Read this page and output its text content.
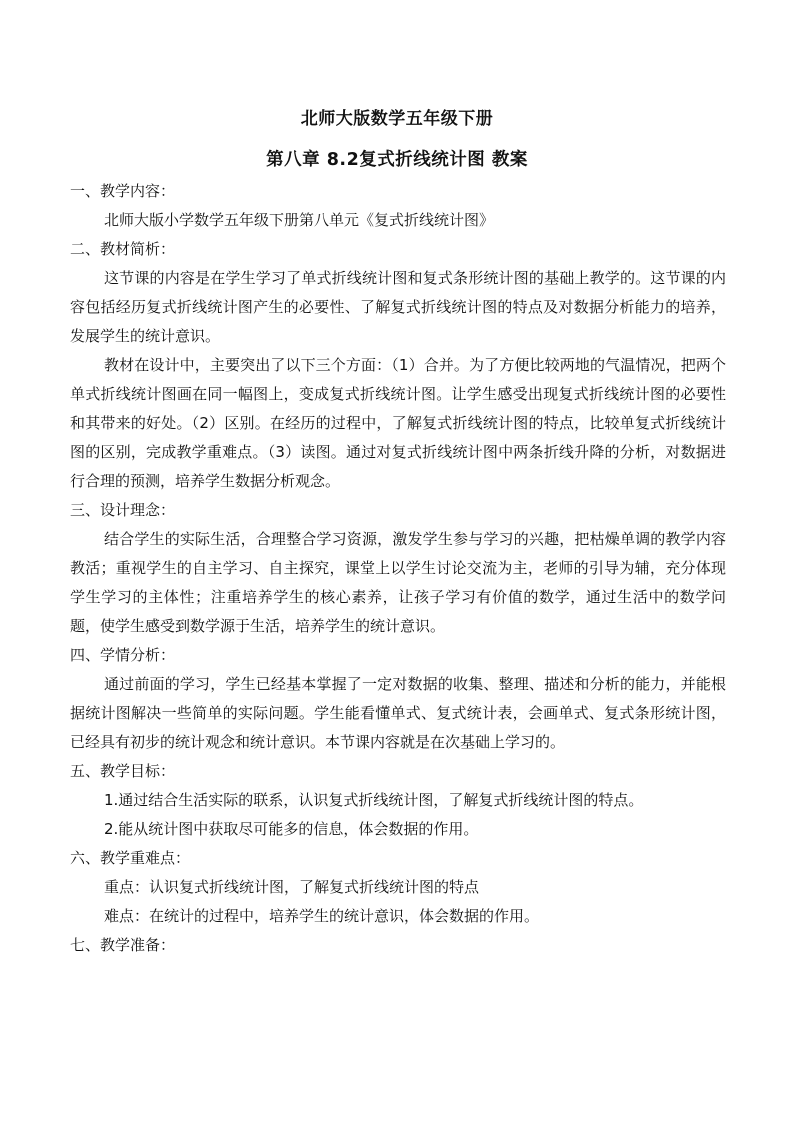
北师大版数学五年级下册
第八章 8.2复式折线统计图 教案

一、教学内容：

北师大版小学数学五年级下册第八单元《复式折线统计图》

二、教材简析：

这节课的内容是在学生学习了单式折线统计图和复式条形统计图的基础上教学的。这节课的内容包括经历复式折线统计图产生的必要性、了解复式折线统计图的特点及对数据分析能力的培养，发展学生的统计意识。

教材在设计中，主要突出了以下三个方面：（1）合并。为了方便比较两地的气温情况，把两个单式折线统计图画在同一幅图上，变成复式折线统计图。让学生感受出现复式折线统计图的必要性和其带来的好处。（2）区别。在经历的过程中，了解复式折线统计图的特点，比较单复式折线统计图的区别，完成教学重难点。（3）读图。通过对复式折线统计图中两条折线升降的分析，对数据进行合理的预测，培养学生数据分析观念。

三、设计理念：

结合学生的实际生活，合理整合学习资源，激发学生参与学习的兴趣，把枯燥单调的教学内容教活；重视学生的自主学习、自主探究，课堂上以学生讨论交流为主，老师的引导为辅，充分体现学生学习的主体性；注重培养学生的核心素养，让孩子学习有价值的数学，通过生活中的数学问题，使学生感受到数学源于生活，培养学生的统计意识。

四、学情分析：

通过前面的学习，学生已经基本掌握了一定对数据的收集、整理、描述和分析的能力，并能根据统计图解决一些简单的实际问题。学生能看懂单式、复式统计表，会画单式、复式条形统计图，已经具有初步的统计观念和统计意识。本节课内容就是在次基础上学习的。

五、教学目标：

1.通过结合生活实际的联系，认识复式折线统计图，了解复式折线统计图的特点。

2.能从统计图中获取尽可能多的信息，体会数据的作用。

六、教学重难点：

重点：认识复式折线统计图，了解复式折线统计图的特点

难点：在统计的过程中，培养学生的统计意识，体会数据的作用。

七、教学准备：
